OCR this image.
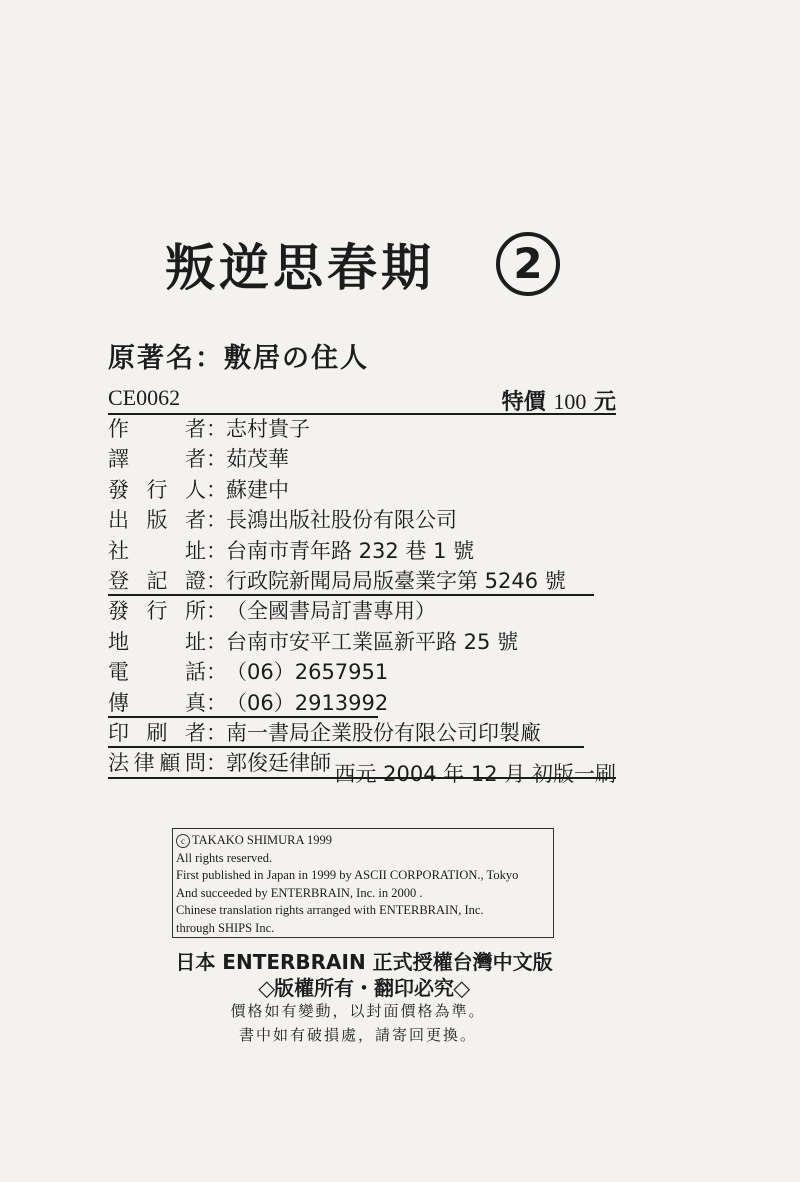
叛逆思春期	2
原著名：敷居の住人
CE0062	特價 100 元
作	者 ： 志村貴子
譯	者 ： 茹茂華
發 行 人 ： 蘇建中
出 版 者 ： 長鴻出版社股份有限公司
社	址 ： 台南市青年路 232 巷 1 號
登 記 證 ： 行政院新聞局局版臺業字第 5246 號
發 行 所 ： （全國書局訂書專用）
地	址 ： 台南市安平工業區新平路 25 號
電	話 ： （06）2657951
傳	真 ： （06）2913992
印 刷 者 ： 南一書局企業股份有限公司印製廠
法 律 顧 問 ： 郭俊廷律師 西元 2004 年 12 月 初版一刷
c TAKAKO SHIMURA 1999
All rights reserved.
First published in Japan in 1999 by ASCII CORPORATION., Tokyo
And succeeded by ENTERBRAIN, Inc. in 2000 .
Chinese translation rights arranged with ENTERBRAIN, Inc.
through SHIPS Inc.
日本 ENTERBRAIN 正式授權台灣中文版
◇版權所有・翻印必究◇
價格如有變動，以封面價格為準。
書中如有破損處，請寄回更換。
